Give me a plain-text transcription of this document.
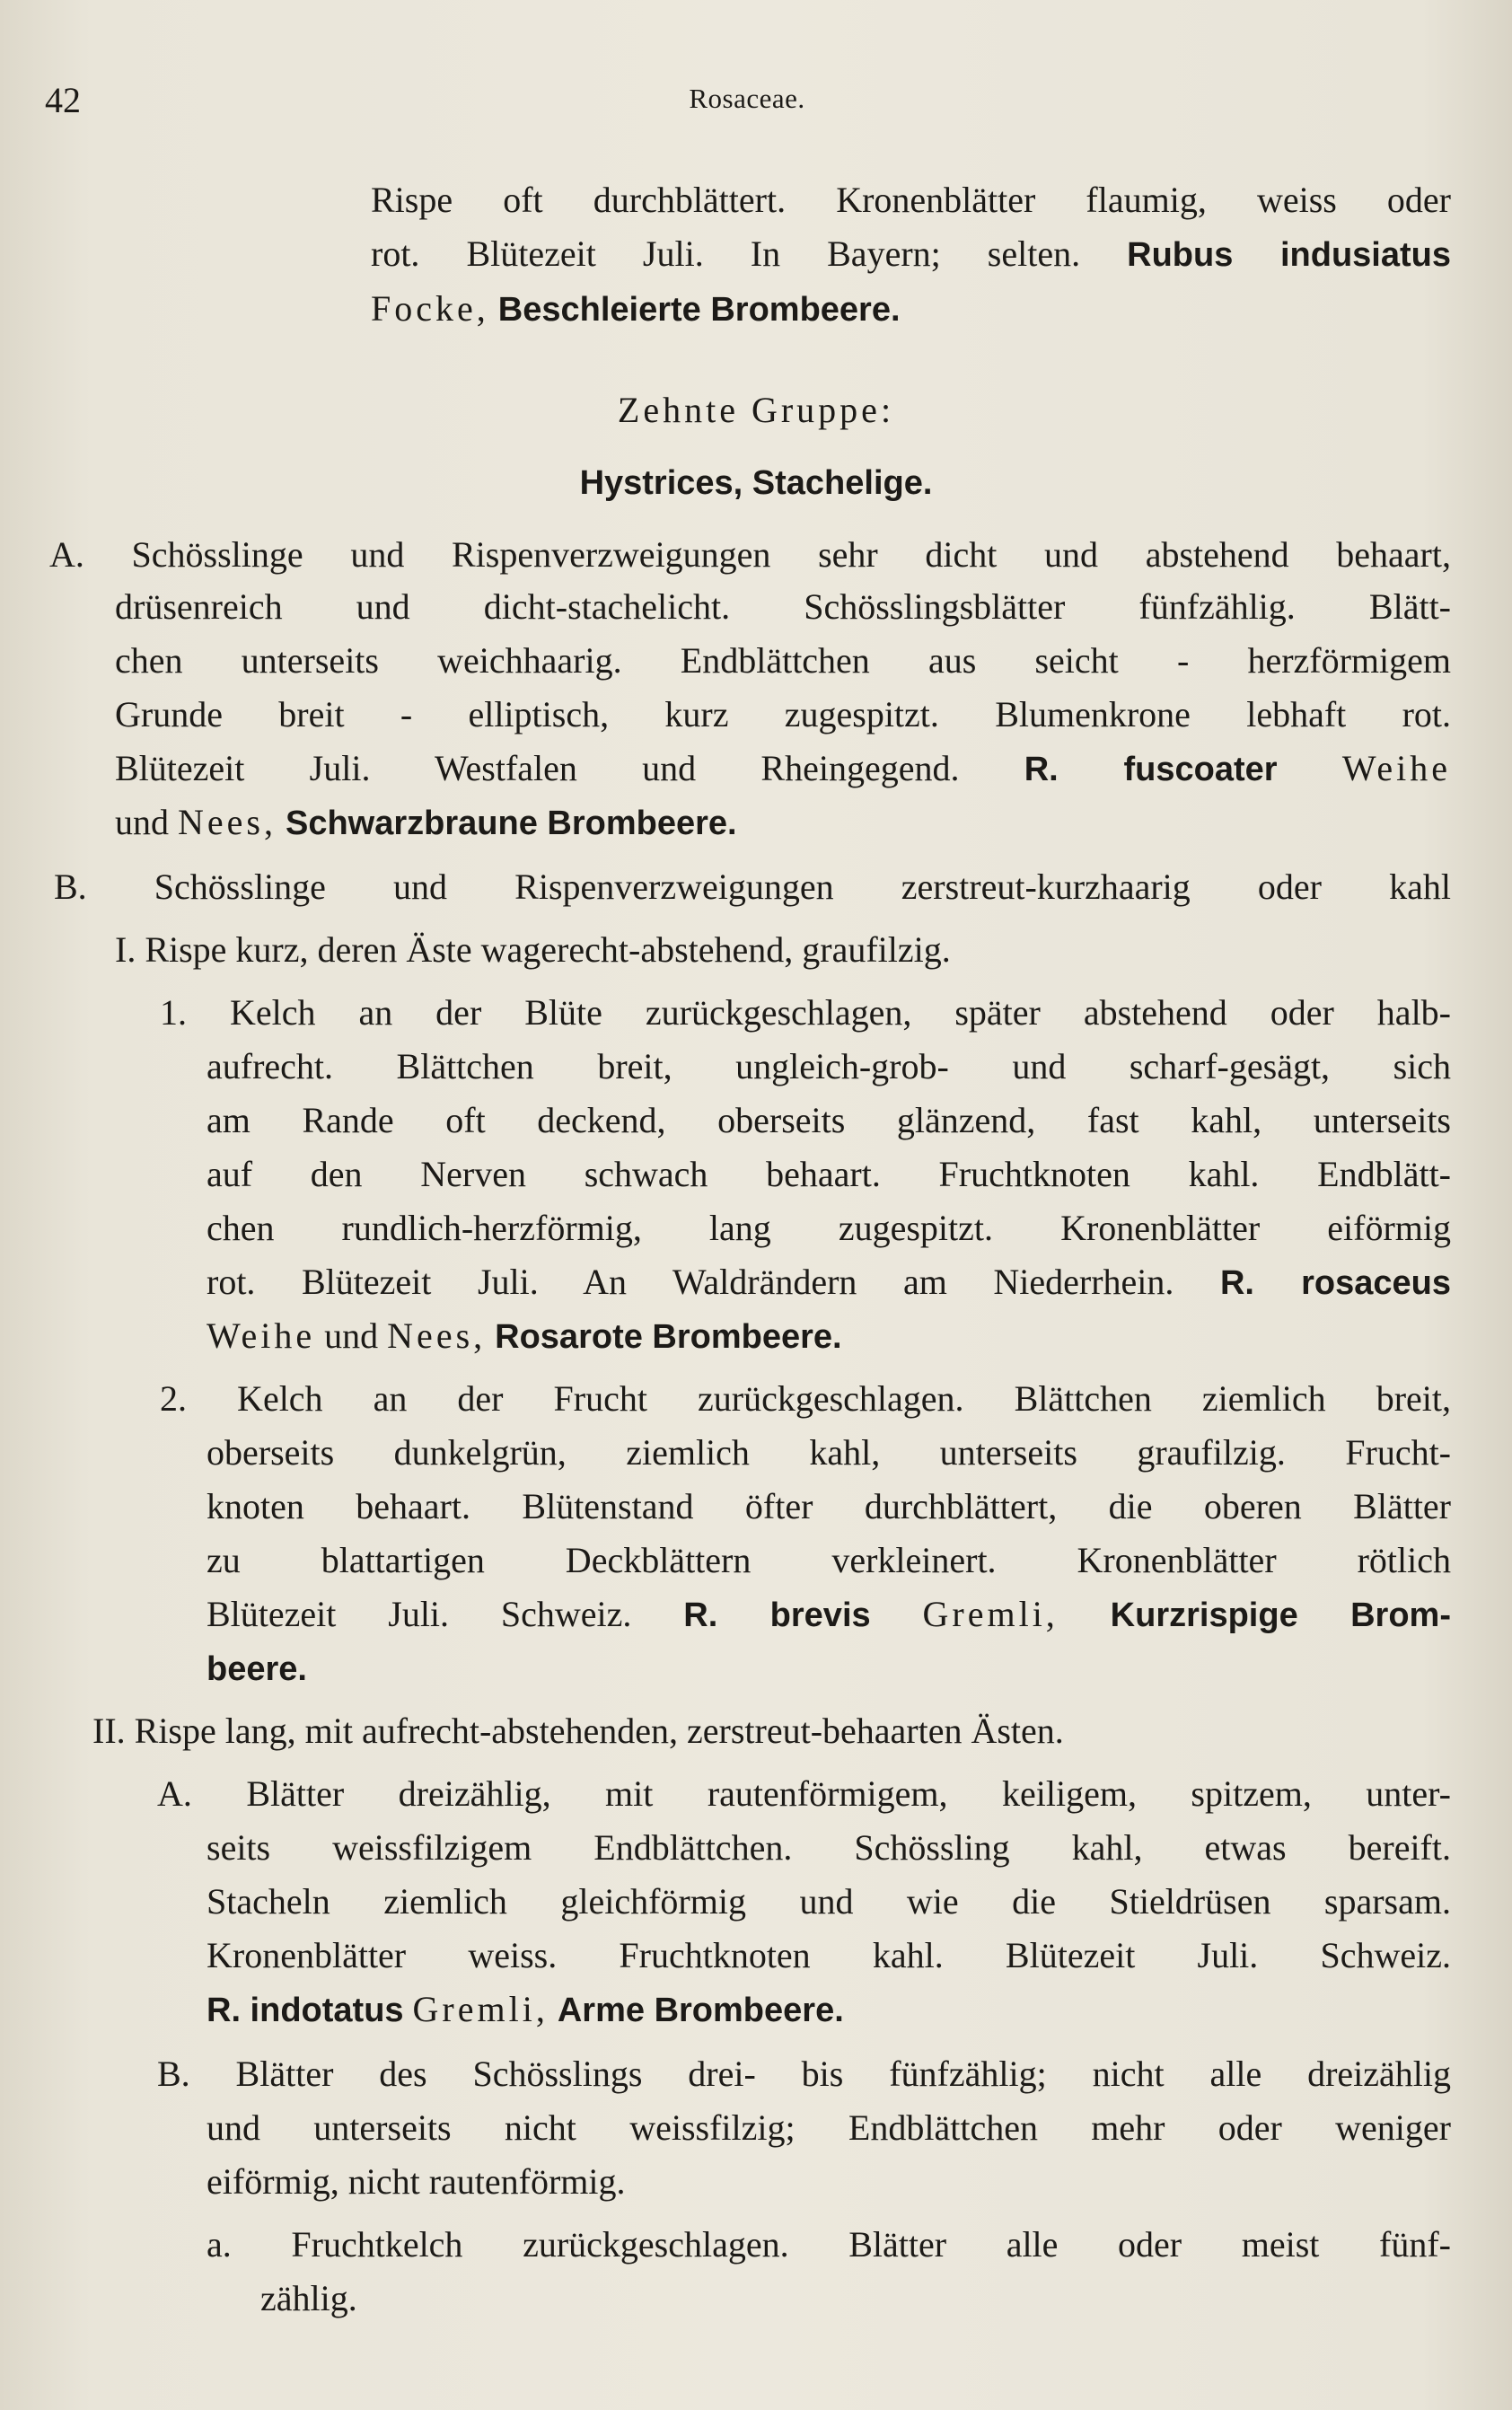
42	Rosaceae.
Rispe oft durchblättert. Kronenblätter flaumig, weiss oder
rot. Blütezeit Juli. In Bayern; selten. Rubus indusiatus
Focke, Beschleierte Brombeere.
Zehnte Gruppe:
Hystrices, Stachelige.
A. Schösslinge und Rispenverzweigungen sehr dicht und abstehend behaart,
drüsenreich und dicht-stachelicht. Schösslingsblätter fünfzählig. Blätt-
chen unterseits weichhaarig. Endblättchen aus seicht - herzförmigem
Grunde breit - elliptisch, kurz zugespitzt. Blumenkrone lebhaft rot.
Blütezeit Juli. Westfalen und Rheingegend. R. fuscoater Weihe
und Nees, Schwarzbraune Brombeere.
B. Schösslinge und Rispenverzweigungen zerstreut-kurzhaarig oder kahl
I. Rispe kurz, deren Äste wagerecht-abstehend, graufilzig.
1. Kelch an der Blüte zurückgeschlagen, später abstehend oder halb-
aufrecht. Blättchen breit, ungleich-grob- und scharf-gesägt, sich
am Rande oft deckend, oberseits glänzend, fast kahl, unterseits
auf den Nerven schwach behaart. Fruchtknoten kahl. Endblätt-
chen rundlich-herzförmig, lang zugespitzt. Kronenblätter eiförmig
rot. Blütezeit Juli. An Waldrändern am Niederrhein. R. rosaceus
Weihe und Nees, Rosarote Brombeere.
2. Kelch an der Frucht zurückgeschlagen. Blättchen ziemlich breit,
oberseits dunkelgrün, ziemlich kahl, unterseits graufilzig. Frucht-
knoten behaart. Blütenstand öfter durchblättert, die oberen Blätter
zu blattartigen Deckblättern verkleinert. Kronenblätter rötlich
Blütezeit Juli. Schweiz. R. brevis Gremli, Kurzrispige Brom-
beere.
II. Rispe lang, mit aufrecht-abstehenden, zerstreut-behaarten Ästen.
A. Blätter dreizählig, mit rautenförmigem, keiligem, spitzem, unter-
seits weissfilzigem Endblättchen. Schössling kahl, etwas bereift.
Stacheln ziemlich gleichförmig und wie die Stieldrüsen sparsam.
Kronenblätter weiss. Fruchtknoten kahl. Blütezeit Juli. Schweiz.
R. indotatus Gremli, Arme Brombeere.
B. Blätter des Schösslings drei- bis fünfzählig; nicht alle dreizählig
und unterseits nicht weissfilzig; Endblättchen mehr oder weniger
eiförmig, nicht rautenförmig.
a. Fruchtkelch zurückgeschlagen. Blätter alle oder meist fünf-
zählig.
